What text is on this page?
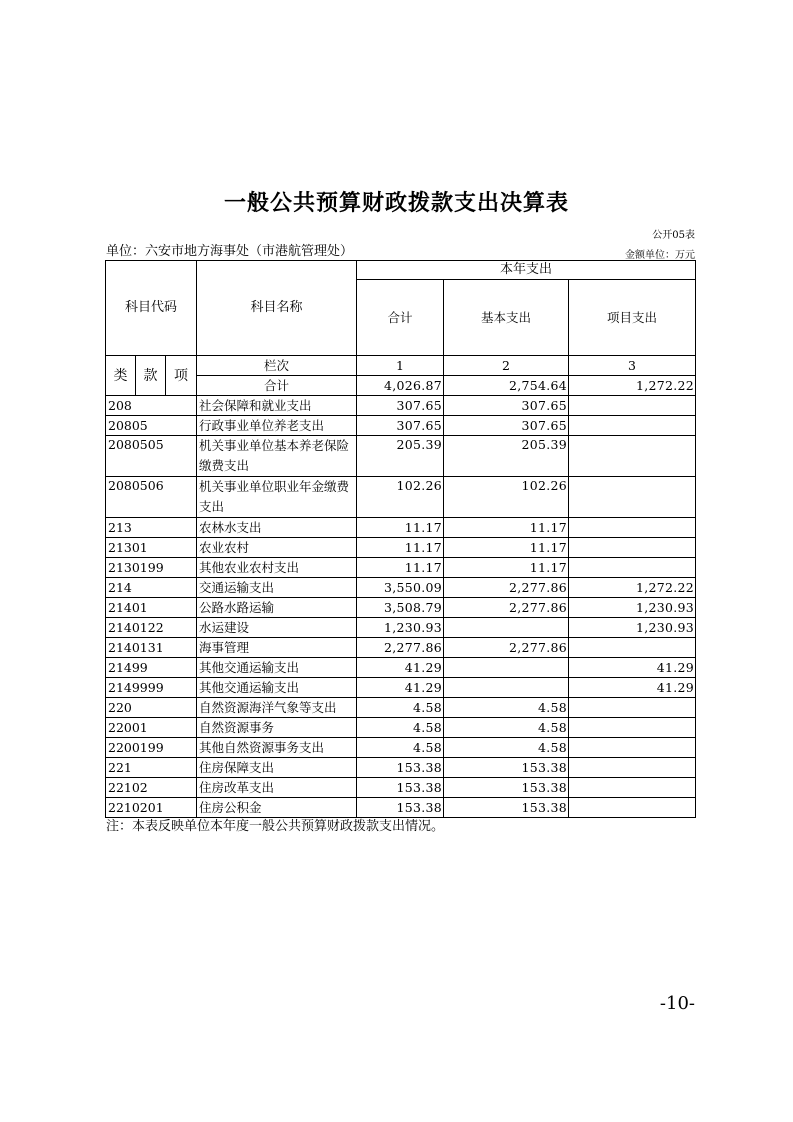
一般公共预算财政拨款支出决算表
公开05表
单位：六安市地方海事处（市港航管理处）	金额单位：万元
科目代码			科目名称	本年支出		
				合计	基本支出	项目支出
类	款	项	栏次	1	2	3
			合计	4,026.87	2,754.64	1,272.22
208			社会保障和就业支出	307.65	307.65	
20805			行政事业单位养老支出	307.65	307.65	
2080505			机关事业单位基本养老保险缴费支出	205.39	205.39	
2080506			机关事业单位职业年金缴费支出	102.26	102.26	
213			农林水支出	11.17	11.17	
21301			农业农村	11.17	11.17	
2130199			其他农业农村支出	11.17	11.17	
214			交通运输支出	3,550.09	2,277.86	1,272.22
21401			公路水路运输	3,508.79	2,277.86	1,230.93
2140122			水运建设	1,230.93		1,230.93
2140131			海事管理	2,277.86	2,277.86	
21499			其他交通运输支出	41.29		41.29
2149999			其他交通运输支出	41.29		41.29
220			自然资源海洋气象等支出	4.58	4.58	
22001			自然资源事务	4.58	4.58	
2200199			其他自然资源事务支出	4.58	4.58	
221			住房保障支出	153.38	153.38	
22102			住房改革支出	153.38	153.38	
2210201			住房公积金	153.38	153.38	
注：本表反映单位本年度一般公共预算财政拨款支出情况。
-10-
